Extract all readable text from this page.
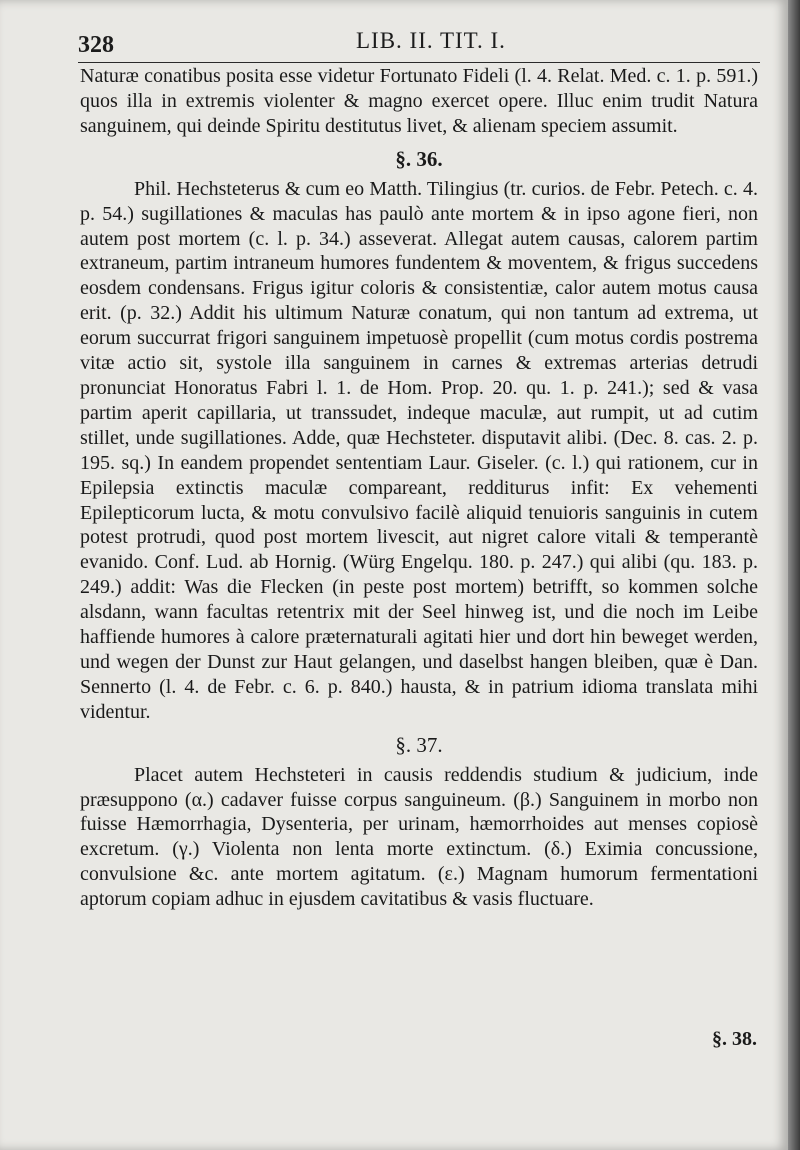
328	LIB. II. TIT. I.

Naturæ conatibus posita esse videtur Fortunato Fideli (l. 4. Relat. Med. c. 1. p. 591.) quos illa in extremis violenter & magno exercet opere. Illuc enim trudit Natura sanguinem, qui deinde Spiritu destitutus livet, & alienam speciem assumit.

§. 36.

Phil. Hechsteterus & cum eo Matth. Tilingius (tr. curios. de Febr. Petech. c. 4. p. 54.) sugillationes & maculas has paulò ante mortem & in ipso agone fieri, non autem post mortem (c. l. p. 34.) asseverat. Allegat autem causas, calorem partim extraneum, partim intraneum humores fundentem & moventem, & frigus succedens eosdem condensans. Frigus igitur coloris & consistentiæ, calor autem motus causa erit. (p. 32.) Addit his ultimum Naturæ conatum, qui non tantum ad extrema, ut eorum succurrat frigori sanguinem impetuosè propellit (cum motus cordis postrema vitæ actio sit, systole illa sanguinem in carnes & extremas arterias detrudi pronunciat Honoratus Fabri l. 1. de Hom. Prop. 20. qu. 1. p. 241.); sed & vasa partim aperit capillaria, ut transsudet, indeque maculæ, aut rumpit, ut ad cutim stillet, unde sugillationes. Adde, quæ Hechsteter. disputavit alibi. (Dec. 8. cas. 2. p. 195. sq.) In eandem propendet sententiam Laur. Giseler. (c. l.) qui rationem, cur in Epilepsia extinctis maculæ comparеant, redditurus infit: Ex vehementi Epilepticorum lucta, & motu convulsivo facilè aliquid tenuioris sanguinis in cutem potest protrudi, quod post mortem livescit, aut nigret calore vitali & temperantè evanido. Conf. Lud. ab Hornig. (Würg Engelqu. 180. p. 247.) qui alibi (qu. 183. p. 249.) addit: Was die Flecken (in peste post mortem) betrifft, so kommen solche alsdann, wann facultas retentrix mit der Seel hinweg ist, und die noch im Leibe haffiende humores à calore præternaturali agitati hier und dort hin beweget werden, und wegen der Dunst zur Haut gelangen, und daselbst hangen bleiben, quæ è Dan. Sennerto (l. 4. de Febr. c. 6. p. 840.) hausta, & in patrium idioma translata mihi videntur.

§. 37.

Placet autem Hechsteteri in causis reddendis studium & judicium, inde præsuppono (α.) cadaver fuisse corpus sanguineum. (β.) Sanguinem in morbo non fuisse Hæmorrhagia, Dysenteria, per urinam, hæmorrhoides aut menses copiosè excretum. (γ.) Violenta non lenta morte extinctum. (δ.) Eximia concussione, convulsione &c. ante mortem agitatum. (ε.) Magnam humorum fermentationi aptorum copiam adhuc in ejusdem cavitatibus & vasis fluctuare.

§. 38.
